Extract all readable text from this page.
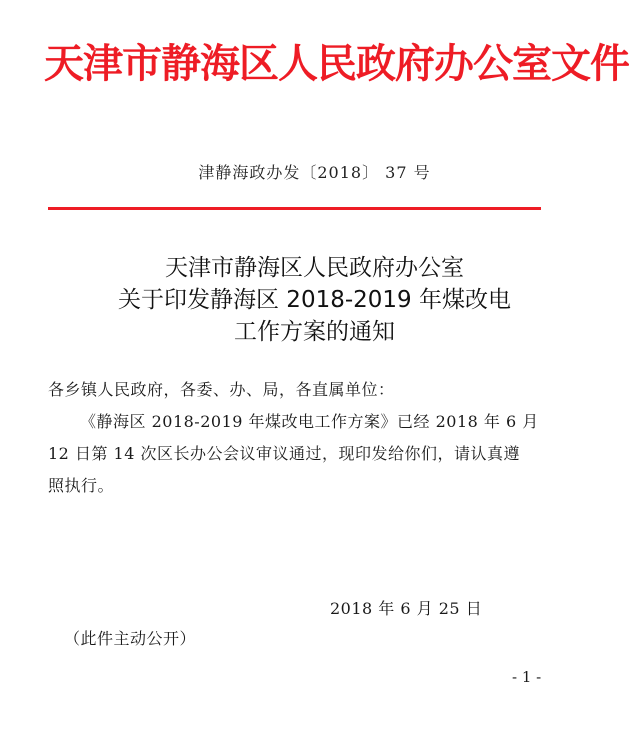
天津市静海区人民政府办公室文件
津静海政办发〔2018〕 37 号
天津市静海区人民政府办公室
关于印发静海区 2018-2019 年煤改电
工作方案的通知
各乡镇人民政府，各委、办、局，各直属单位：
《静海区 2018-2019 年煤改电工作方案》已经 2018 年 6 月
12 日第 14 次区长办公会议审议通过，现印发给你们，请认真遵
照执行。
2018 年 6 月 25 日
（此件主动公开）
- 1 -
